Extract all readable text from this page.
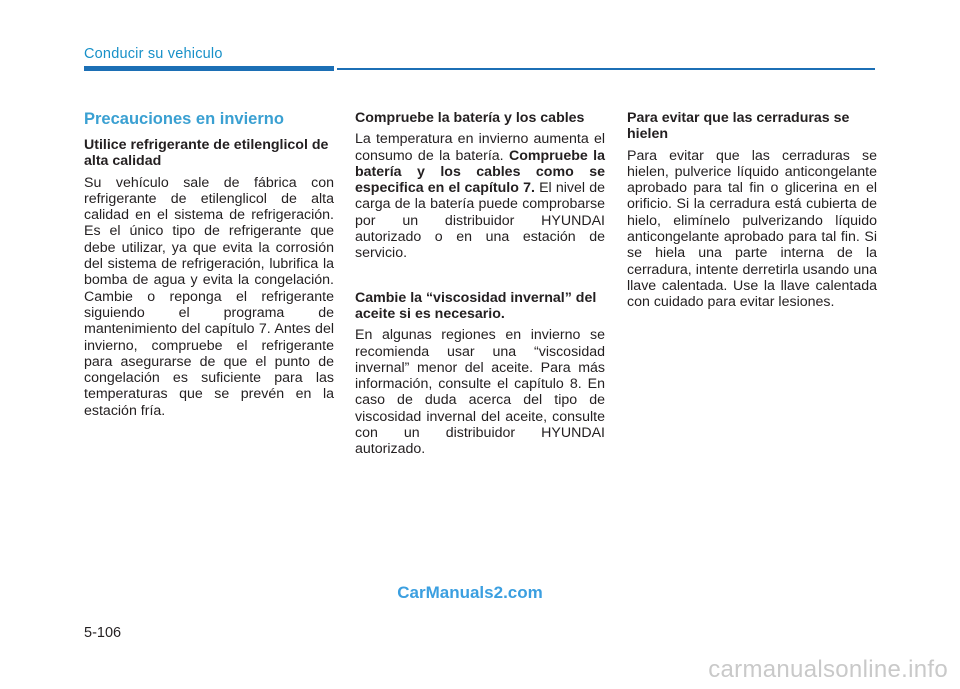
Conducir su vehiculo
Precauciones en invierno
Utilice refrigerante de etilenglicol de alta calidad

Su vehículo sale de fábrica con refrigerante de etilenglicol de alta calidad en el sistema de refrigeración. Es el único tipo de refrigerante que debe utilizar, ya que evita la corrosión del sistema de refrigeración, lubrifica la bomba de agua y evita la congelación. Cambie o reponga el refrigerante siguiendo el programa de mantenimiento del capítulo 7. Antes del invierno, compruebe el refrigerante para asegurarse de que el punto de congelación es suficiente para las temperaturas que se prevén en la estación fría.

Compruebe la batería y los cables

La temperatura en invierno aumenta el consumo de la batería. Compruebe la batería y los cables como se especifica en el capítulo 7. El nivel de carga de la batería puede comprobarse por un distribuidor HYUNDAI autorizado o en una estación de servicio.

Cambie la “viscosidad invernal” del aceite si es necesario.

En algunas regiones en invierno se recomienda usar una “viscosidad invernal” menor del aceite. Para más información, consulte el capítulo 8. En caso de duda acerca del tipo de viscosidad invernal del aceite, consulte con un distribuidor HYUNDAI autorizado.

Para evitar que las cerraduras se hielen

Para evitar que las cerraduras se hielen, pulverice líquido anticongelante aprobado para tal fin o glicerina en el orificio. Si la cerradura está cubierta de hielo, elimínelo pulverizando líquido anticongelante aprobado para tal fin. Si se hiela una parte interna de la cerradura, intente derretirla usando una llave calentada. Use la llave calentada con cuidado para evitar lesiones.

CarManuals2.com
5-106
carmanualsonline.info
